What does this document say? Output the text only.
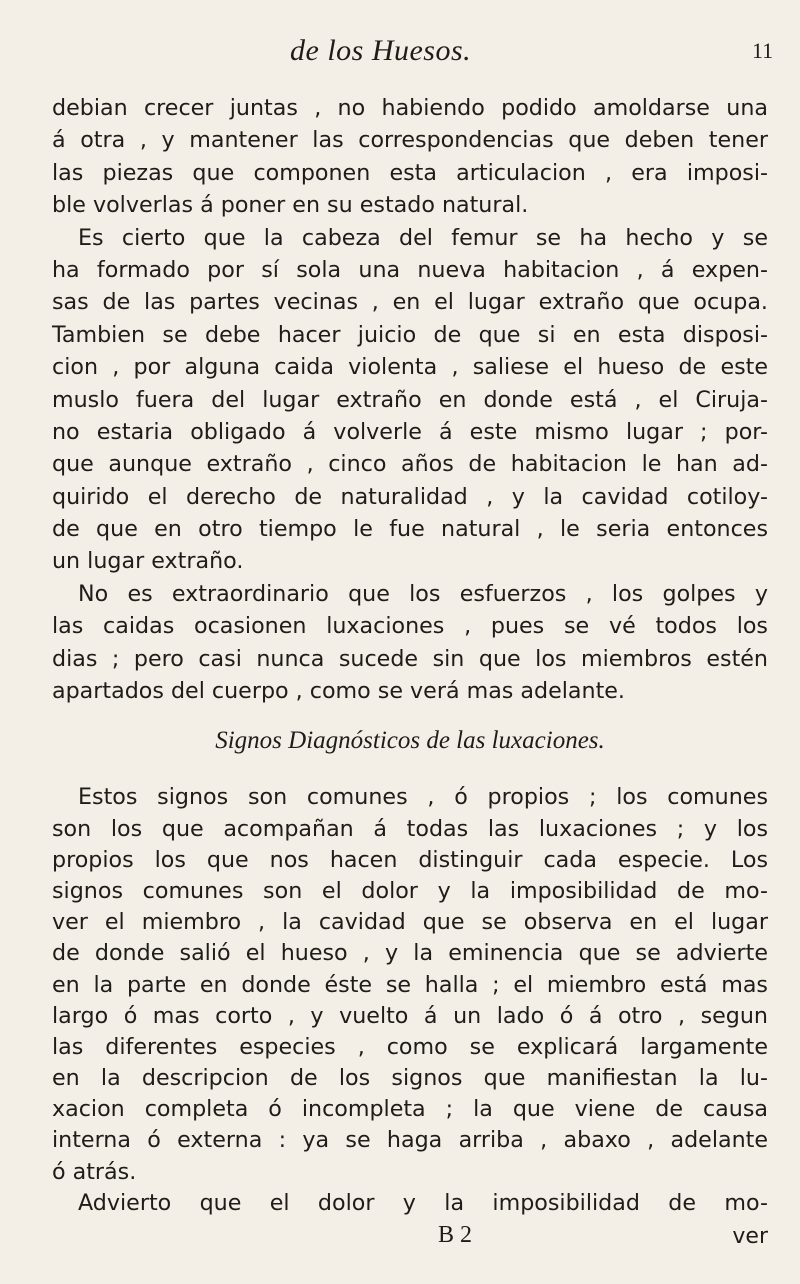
de los Huesos.	11
debian crecer juntas , no habiendo podido amoldarse una
á otra , y mantener las correspondencias que deben tener
las piezas que componen esta articulacion , era imposi-
ble volverlas á poner en su estado natural.
Es cierto que la cabeza del femur se ha hecho y se
ha formado por sí sola una nueva habitacion , á expen-
sas de las partes vecinas , en el lugar extraño que ocupa.
Tambien se debe hacer juicio de que si en esta disposi-
cion , por alguna caida violenta , saliese el hueso de este
muslo fuera del lugar extraño en donde está , el Ciruja-
no estaria obligado á volverle á este mismo lugar ; por-
que aunque extraño , cinco años de habitacion le han ad-
quirido el derecho de naturalidad , y la cavidad cotiloy-
de que en otro tiempo le fue natural , le seria entonces
un lugar extraño.
No es extraordinario que los esfuerzos , los golpes y
las caidas ocasionen luxaciones , pues se vé todos los
dias ; pero casi nunca sucede sin que los miembros estén
apartados del cuerpo , como se verá mas adelante.
Signos Diagnósticos de las luxaciones.
Estos signos son comunes , ó propios ; los comunes
son los que acompañan á todas las luxaciones ; y los
propios los que nos hacen distinguir cada especie. Los
signos comunes son el dolor y la imposibilidad de mo-
ver el miembro , la cavidad que se observa en el lugar
de donde salió el hueso , y la eminencia que se advierte
en la parte en donde éste se halla ; el miembro está mas
largo ó mas corto , y vuelto á un lado ó á otro , segun
las diferentes especies , como se explicará largamente
en la descripcion de los signos que manifiestan la lu-
xacion completa ó incompleta ; la que viene de causa
interna ó externa : ya se haga arriba , abaxo , adelante
ó atrás.
Advierto que el dolor y la imposibilidad de mo-
B 2	ver
